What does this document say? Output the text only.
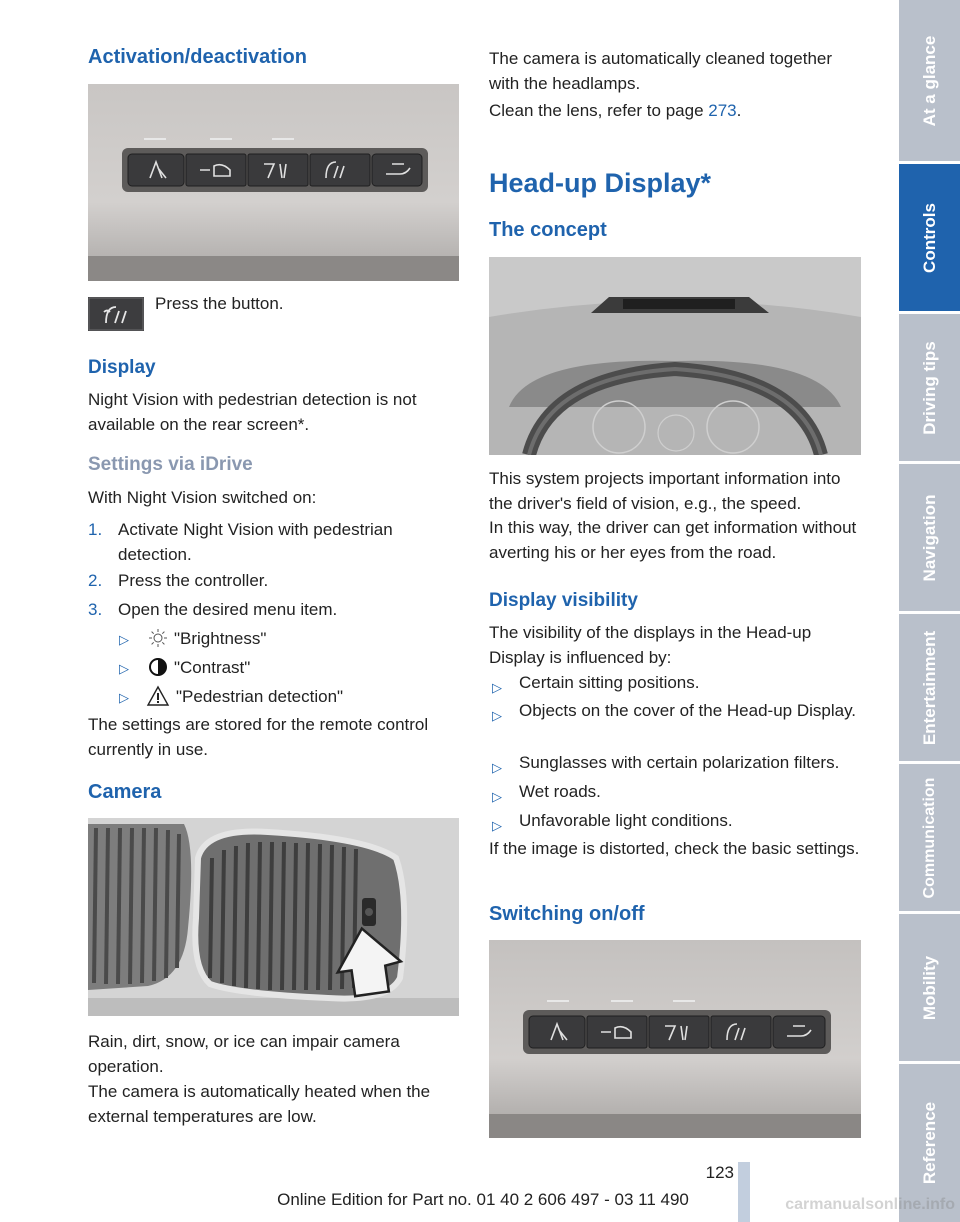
Activation/deactivation

Press the button.

Display

Night Vision with pedestrian detection is not available on the rear screen*.

Settings via iDrive

With Night Vision switched on:

1. Activate Night Vision with pedestrian detection.
2. Press the controller.
3. Open the desired menu item.
▷	"Brightness"
▷	"Contrast"
▷	"Pedestrian detection"

The settings are stored for the remote control currently in use.

Camera

Rain, dirt, snow, or ice can impair camera operation.

The camera is automatically heated when the external temperatures are low.

The camera is automatically cleaned together with the headlamps.

Clean the lens, refer to page 273.

Head-up Display*
The concept

This system projects important information into the driver's field of vision, e.g., the speed.

In this way, the driver can get information without averting his or her eyes from the road.

Display visibility

The visibility of the displays in the Head-up Display is influenced by:

▷ Certain sitting positions.
▷ Objects on the cover of the Head-up Display.
▷ Sunglasses with certain polarization filters.
▷ Wet roads.
▷ Unfavorable light conditions.

If the image is distorted, check the basic settings.

Switching on/off
At a glance
Controls
Driving tips
Navigation
Entertainment
Communication
Mobility
Reference
123
Online Edition for Part no. 01 40 2 606 497 - 03 11 490	carmanualsonline.info
